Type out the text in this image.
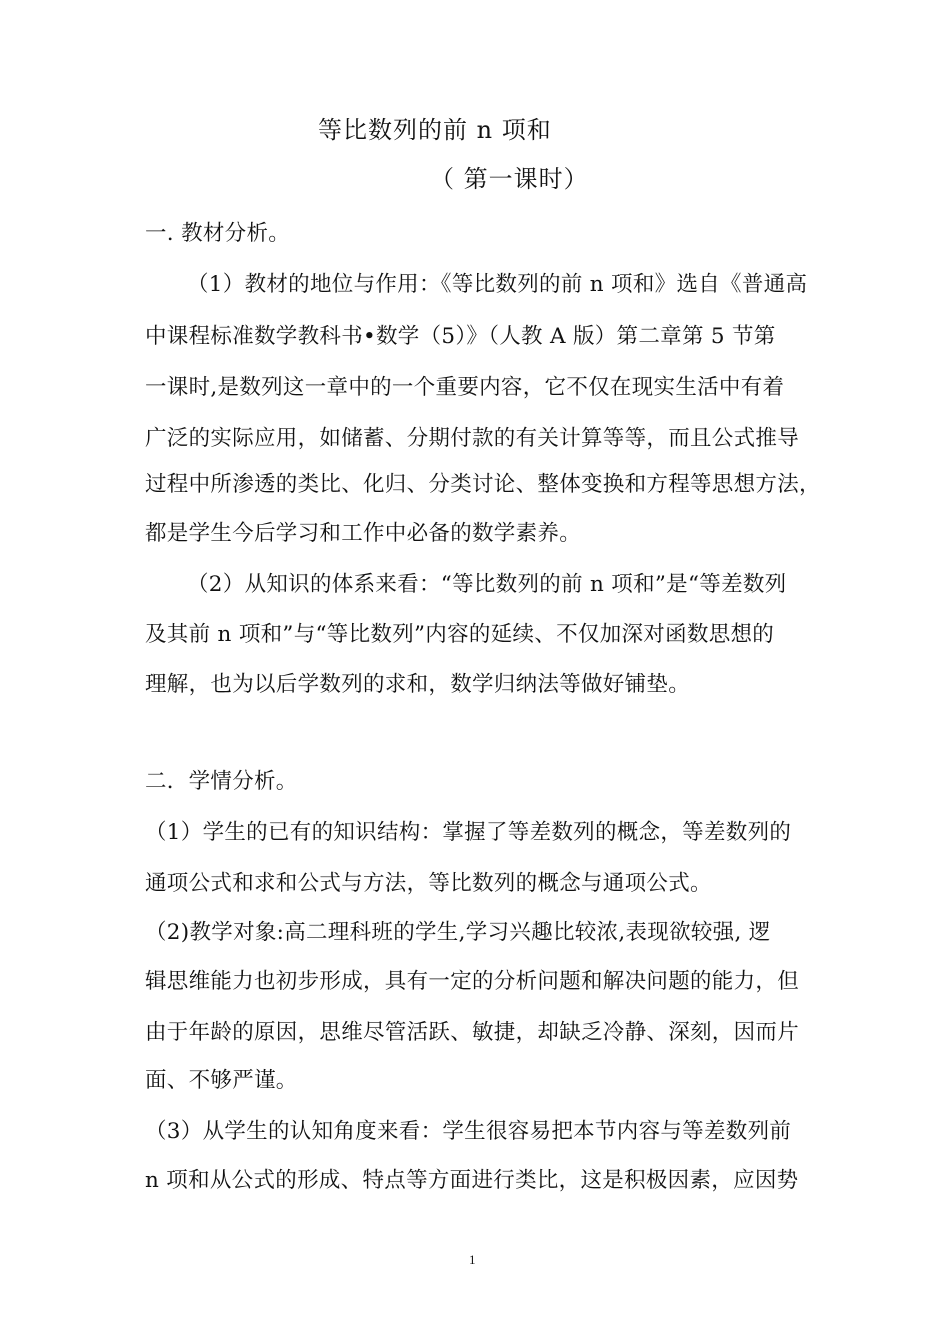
等比数列的前 n 项和
（ 第一课时）
一. 教材分析。
（1）教材的地位与作用：《等比数列的前 n 项和》选自《普通高
中课程标准数学教科书•数学（5）》（人教 A 版）第二章第 5 节第
一课时,是数列这一章中的一个重要内容，它不仅在现实生活中有着
广泛的实际应用，如储蓄、分期付款的有关计算等等，而且公式推导
过程中所渗透的类比、化归、分类讨论、整体变换和方程等思想方法，
都是学生今后学习和工作中必备的数学素养。
（2）从知识的体系来看：“等比数列的前 n 项和”是“等差数列
及其前 n 项和”与“等比数列”内容的延续、不仅加深对函数思想的
理解，也为以后学数列的求和，数学归纳法等做好铺垫。
二．学情分析。
（1）学生的已有的知识结构：掌握了等差数列的概念，等差数列的
通项公式和求和公式与方法，等比数列的概念与通项公式。
（2)教学对象:高二理科班的学生,学习兴趣比较浓,表现欲较强, 逻
辑思维能力也初步形成，具有一定的分析问题和解决问题的能力，但
由于年龄的原因，思维尽管活跃、敏捷，却缺乏冷静、深刻，因而片
面、不够严谨。
（3）从学生的认知角度来看：学生很容易把本节内容与等差数列前
n 项和从公式的形成、特点等方面进行类比，这是积极因素，应因势
1
